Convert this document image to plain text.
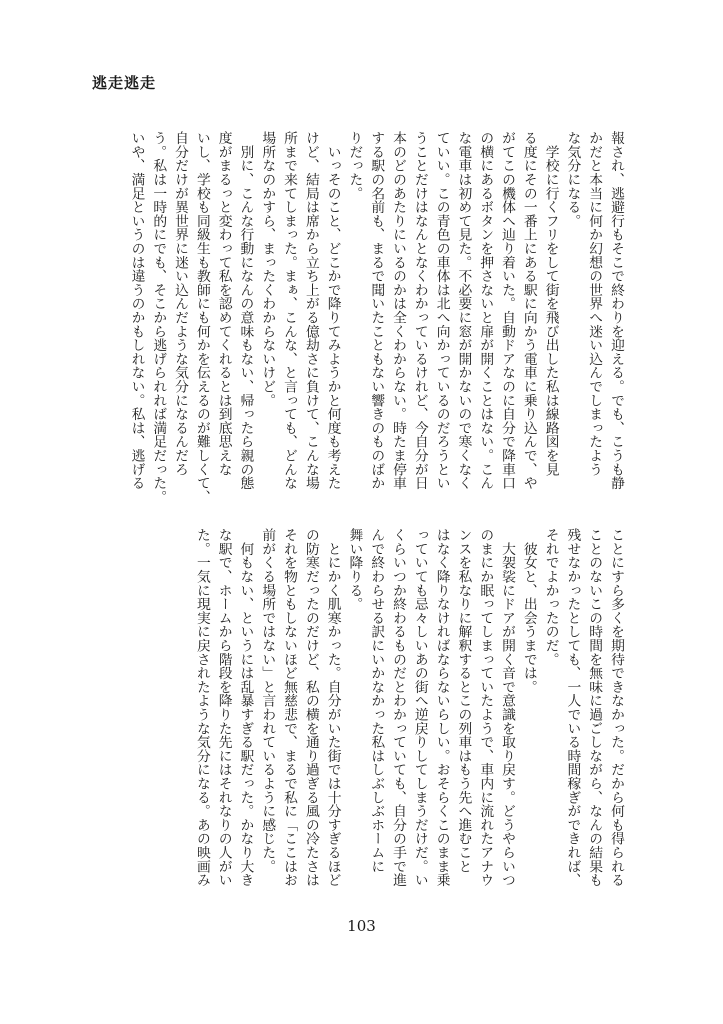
逃走逃走
報され、逃避行もそこで終わりを迎える。でも、こうも静
かだと本当に何か幻想の世界へ迷い込んでしまったよう
な気分になる。
　学校に行くフリをして街を飛び出した私は線路図を見
る度にその一番上にある駅に向かう電車に乗り込んで、や
がてこの機体へ辿り着いた。自動ドアなのに自分で降車口
の横にあるボタンを押さないと扉が開くことはない。こん
な電車は初めて見た。不必要に窓が開かないので寒くなく
ていい。この青色の車体は北へ向かっているのだろうとい
うことだけはなんとなくわかっているけれど、今自分が日
本のどのあたりにいるのかは全くわからない。時たま停車
する駅の名前も、まるで聞いたこともない響きのものばか
りだった。
　いっそのこと、どこかで降りてみようかと何度も考えた
けど、結局は席から立ち上がる億劫さに負けて、こんな場
所まで来てしまった。まぁ、こんな、と言っても、どんな
場所なのかすら、まったくわからないけど。
　別に、こんな行動になんの意味もない、帰ったら親の態
度がまるっと変わって私を認めてくれるとは到底思えな
いし、学校も同級生も教師にも何かを伝えるのが難しくて、
自分だけが異世界に迷い込んだような気分になるんだろ
う。私は一時的にでも、そこから逃げられれば満足だった。
いや、満足というのは違うのかもしれない。私は、逃げる
ことにすら多くを期待できなかった。だから何も得られる
ことのないこの時間を無味に過ごしながら、なんの結果も
残せなかったとしても、一人でいる時間稼ぎができれば、
それでよかったのだ。
　彼女と、出会うまでは。
　大袈裟にドアが開く音で意識を取り戻す。どうやらいつ
のまにか眠ってしまっていたようで、車内に流れたアナウ
ンスを私なりに解釈するとこの列車はもう先へ進むこと
はなく降りなければならないらしい。おそらくこのまま乗
っていても忌々しいあの街へ逆戻りしてしまうだけだ。い
くらいつか終わるものだとわかっていても、自分の手で進
んで終わらせる訳にいかなかった私はしぶしぶホームに
舞い降りる。
　とにかく肌寒かった。自分がいた街では十分すぎるほど
の防寒だったのだけど、私の横を通り過ぎる風の冷たさは
それを物ともしないほど無慈悲で、まるで私に「ここはお
前がくる場所ではない」と言われているように感じた。
　何もない、というには乱暴すぎる駅だった。かなり大き
な駅で、ホームから階段を降りた先にはそれなりの人がい
た。一気に現実に戻されたような気分になる。あの映画み
103
